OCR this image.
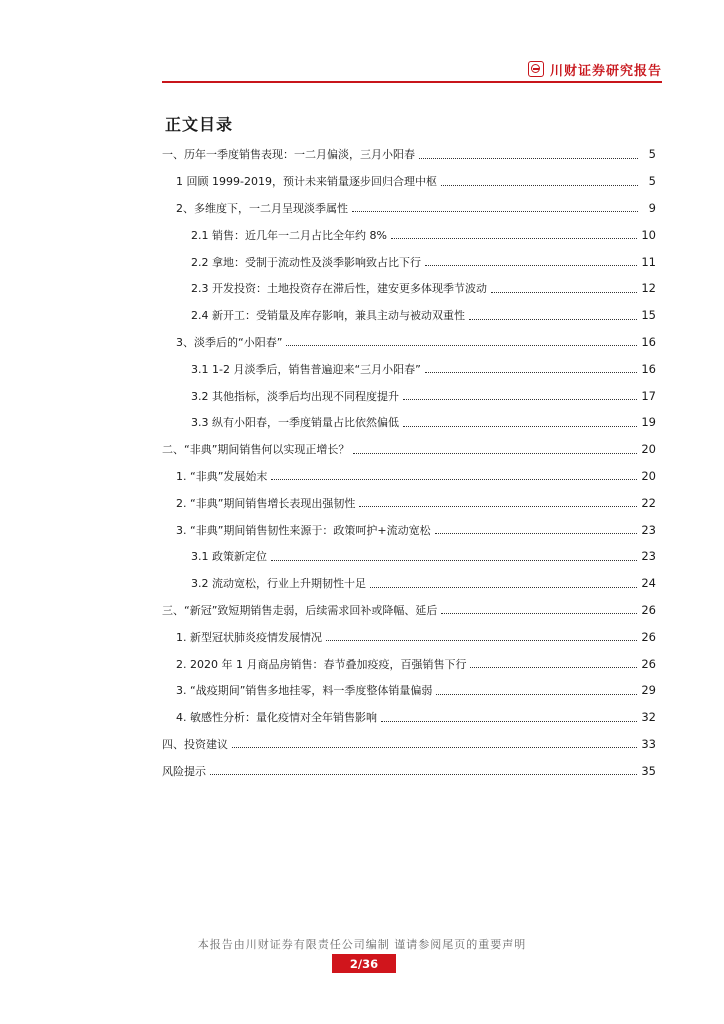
川财证券研究报告
正文目录
一、历年一季度销售表现：一二月偏淡，三月小阳春	5
1 回顾 1999-2019，预计未来销量逐步回归合理中枢	5
2、多维度下，一二月呈现淡季属性	9
2.1 销售：近几年一二月占比全年约 8%	10
2.2 拿地：受制于流动性及淡季影响致占比下行	11
2.3 开发投资：土地投资存在滞后性，建安更多体现季节波动	12
2.4 新开工：受销量及库存影响，兼具主动与被动双重性	15
3、淡季后的“小阳春”	16
3.1 1-2 月淡季后，销售普遍迎来“三月小阳春”	16
3.2 其他指标，淡季后均出现不同程度提升	17
3.3 纵有小阳春，一季度销量占比依然偏低	19
二、“非典”期间销售何以实现正增长？	20
1. “非典”发展始末	20
2. “非典”期间销售增长表现出强韧性	22
3. “非典”期间销售韧性来源于：政策呵护+流动宽松	23
3.1 政策新定位	23
3.2 流动宽松，行业上升期韧性十足	24
三、“新冠”致短期销售走弱，后续需求回补或降幅、延后	26
1. 新型冠状肺炎疫情发展情况	26
2. 2020 年 1 月商品房销售：春节叠加疫疫，百强销售下行	26
3. “战疫期间”销售多地挂零，料一季度整体销量偏弱	29
4. 敏感性分析：量化疫情对全年销售影响	32
四、投资建议	33
风险提示	35
本报告由川财证券有限责任公司编制 谨请参阅尾页的重要声明
2/36
